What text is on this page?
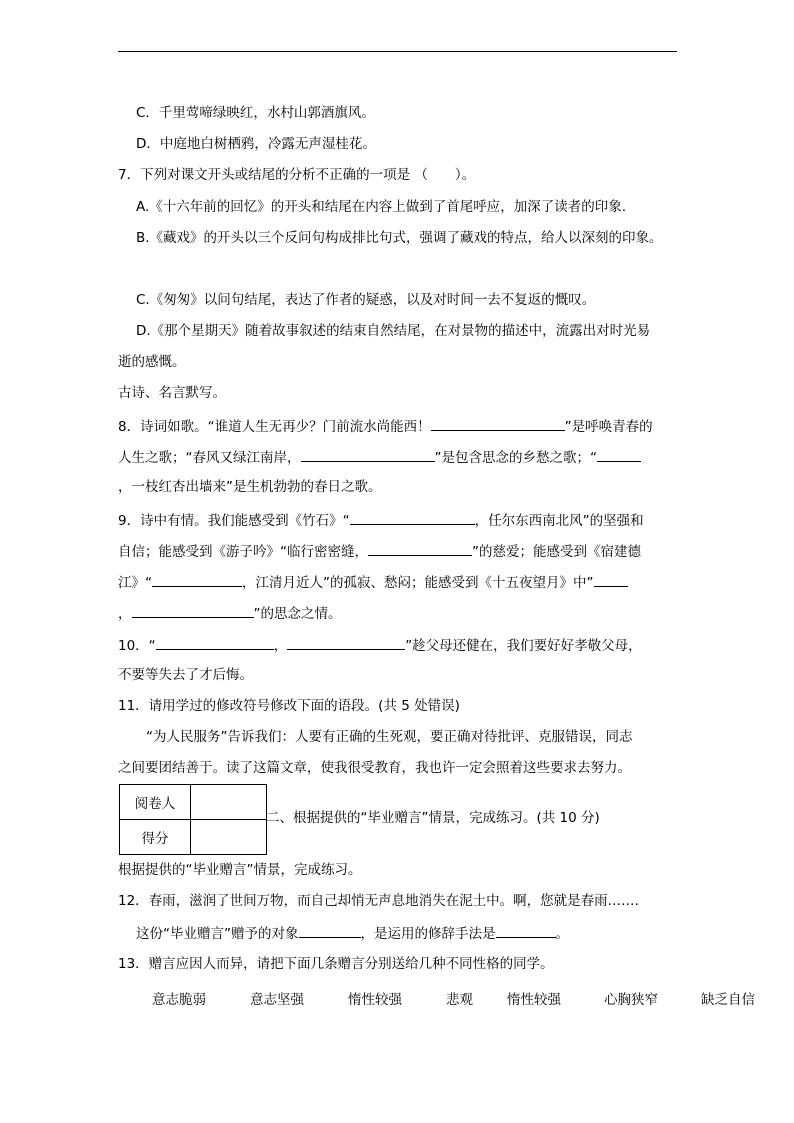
C．千里莺啼绿映红，水村山郭酒旗风。
D．中庭地白树栖鸦，冷露无声湿桂花。
7．下列对课文开头或结尾的分析不正确的一项是 （　　）。
A.《十六年前的回忆》的开头和结尾在内容上做到了首尾呼应，加深了读者的印象.
B.《藏戏》的开头以三个反问句构成排比句式，强调了藏戏的特点，给人以深刻的印象。
C.《匆匆》以问句结尾，表达了作者的疑惑，以及对时间一去不复返的慨叹。
D.《那个星期天》随着故事叙述的结束自然结尾，在对景物的描述中，流露出对时光易
逝的感慨。
古诗、名言默写。
8．诗词如歌。“谁道人生无再少？门前流水尚能西！	”是呼唤青春的
人生之歌；“春风又绿江南岸，	”是包含思念的乡愁之歌；“
，一枝红杏出墙来”是生机勃勃的春日之歌。
9．诗中有情。我们能感受到《竹石》“	，任尔东西南北风”的坚强和
自信；能感受到《游子吟》“临行密密缝，	”的慈爱；能感受到《宿建德
江》“	，江清月近人”的孤寂、愁闷；能感受到《十五夜望月》中”
，	”的思念之情。
10．“	，	”趁父母还健在，我们要好好孝敬父母，
不要等失去了才后悔。
11．请用学过的修改符号修改下面的语段。(共 5 处错误)
“为人民服务”告诉我们：人要有正确的生死观，要正确对待批评、克服错误，同志
之间要团结善于。读了这篇文章，使我很受教育，我也许一定会照着这些要求去努力。
阅卷人	
得分	
二、根据提供的“毕业赠言”情景，完成练习。(共 10 分)
根据提供的“毕业赠言”情景，完成练习。
12．春雨，滋润了世间万物，而自己却悄无声息地消失在泥土中。啊，您就是春雨.……
这份“毕业赠言”赠予的对象	，是运用的修辞手法是	。
13．赠言应因人而异，请把下面几条赠言分别送给几种不同性格的同学。
意志脆弱	意志坚强	惰性较强	悲观	惰性较强	心胸狭窄	缺乏自信
